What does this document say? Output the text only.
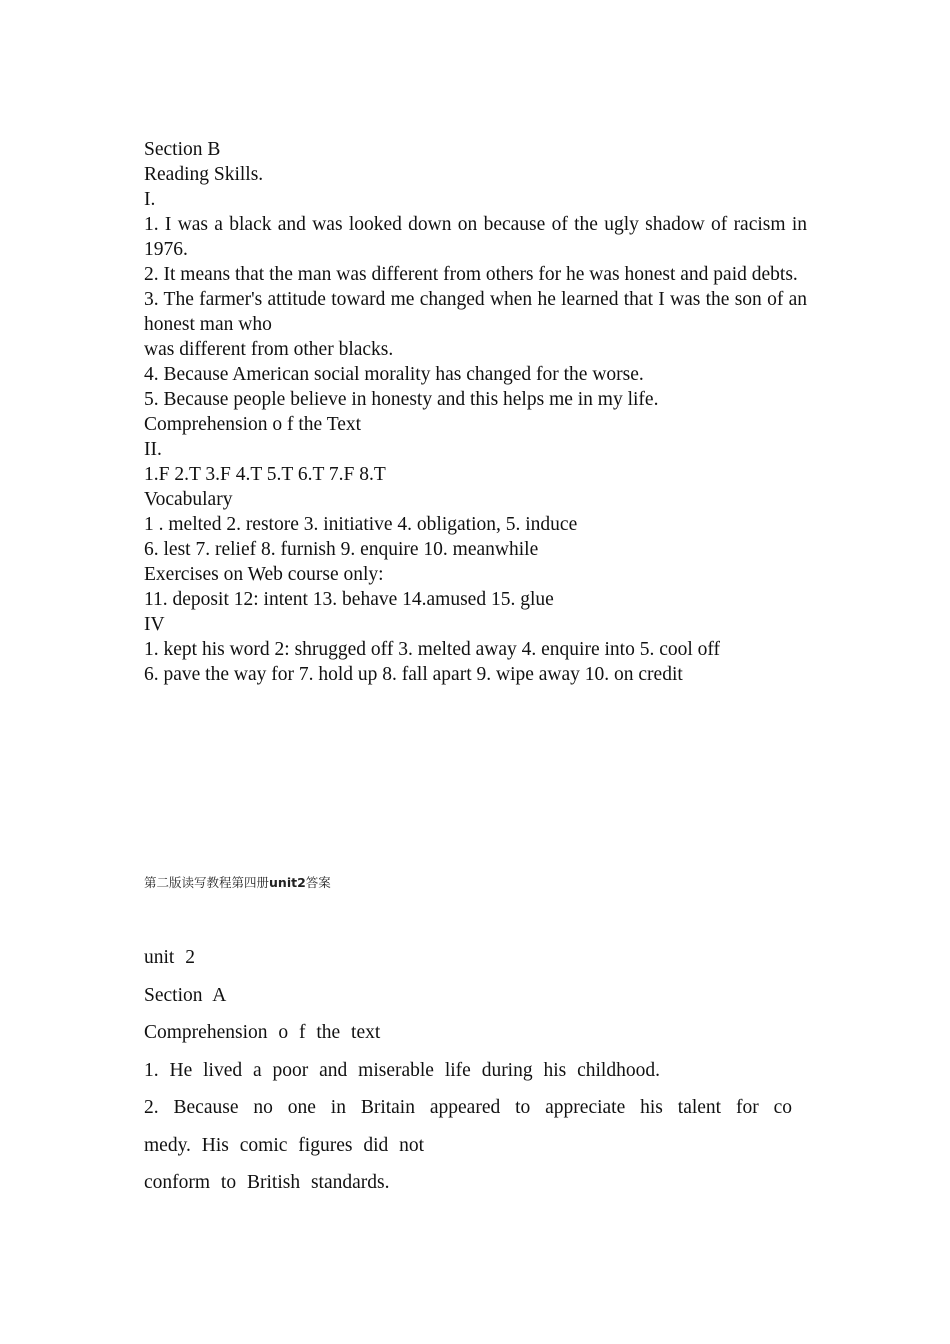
Section B
Reading Skills.
I.
1. I was a black and was looked down on because of the ugly shadow of racism in 1976.
2. It means that the man was different from others for he was honest and paid debts.
3. The farmer's attitude toward me changed when he learned that I was the son of an honest man who
was different from other blacks.
4. Because American social morality has changed for the worse.
5. Because people believe in honesty and this helps me in my life.
Comprehension o f the Text
II.
1.F 2.T 3.F 4.T 5.T 6.T 7.F 8.T
Vocabulary
1 . melted 2. restore 3. initiative 4. obligation, 5. induce
6. lest 7. relief 8. furnish 9. enquire 10. meanwhile
Exercises on Web course only:
11. deposit 12: intent 13. behave 14.amused 15. glue
IV
1. kept his word 2: shrugged off 3. melted away 4. enquire into 5. cool off
6. pave the way for 7. hold up 8. fall apart 9. wipe away 10. on credit
第二版读写教程第四册unit2答案
unit 2
Section A
Comprehension o f the text
1. He lived a poor and miserable life during his childhood.
2. Because no one in Britain appeared to appreciate his talent for co medy. His comic figures did not
conform to British standards.
